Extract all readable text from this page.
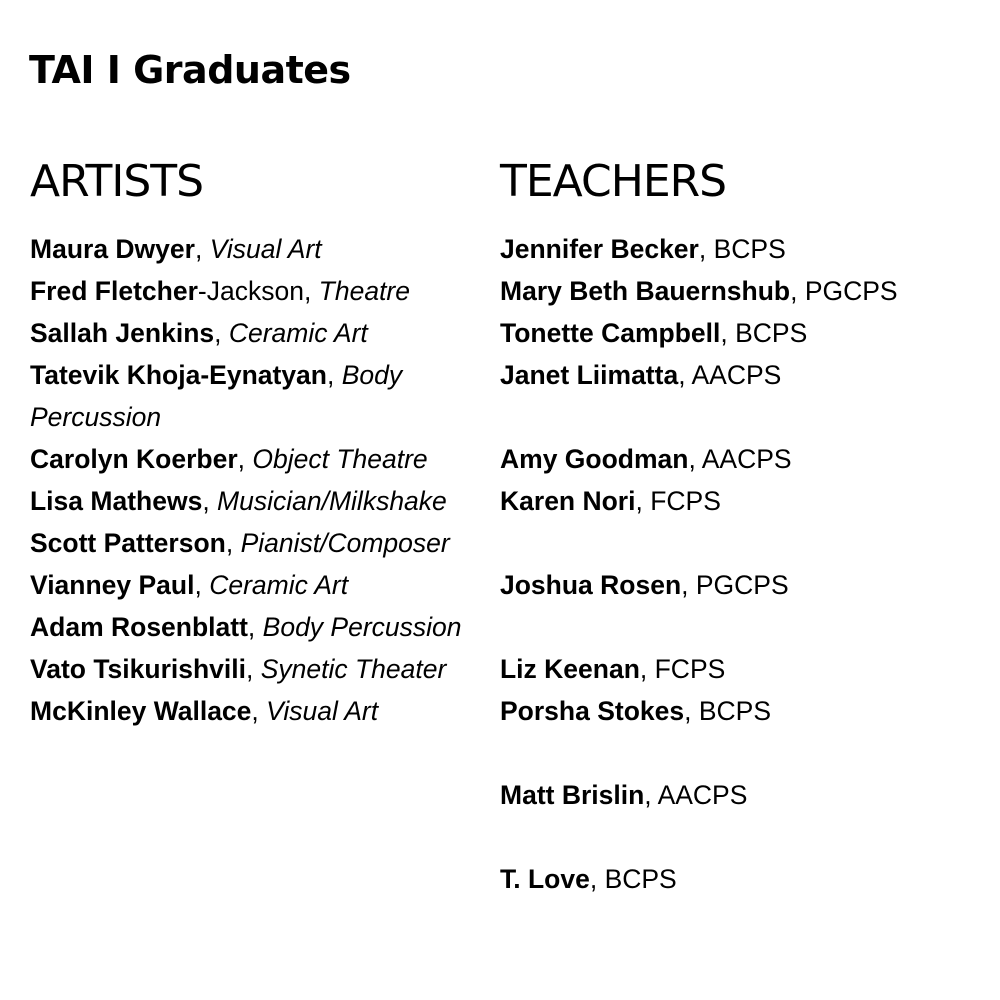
TAI I Graduates
ARTISTS
Maura Dwyer, Visual Art
Fred Fletcher-Jackson, Theatre
Sallah Jenkins, Ceramic Art
Tatevik Khoja-Eynatyan, Body Percussion
Carolyn Koerber, Object Theatre
Lisa Mathews, Musician/Milkshake
Scott Patterson, Pianist/Composer
Vianney Paul, Ceramic Art
Adam Rosenblatt, Body Percussion
Vato Tsikurishvili, Synetic Theater
McKinley Wallace, Visual Art
TEACHERS
Jennifer Becker, BCPS
Mary Beth Bauernshub, PGCPS
Tonette Campbell, BCPS
Janet Liimatta, AACPS
Amy Goodman, AACPS
Karen Nori, FCPS
Joshua Rosen, PGCPS
Liz Keenan, FCPS
Porsha Stokes, BCPS
Matt Brislin, AACPS
T. Love, BCPS
